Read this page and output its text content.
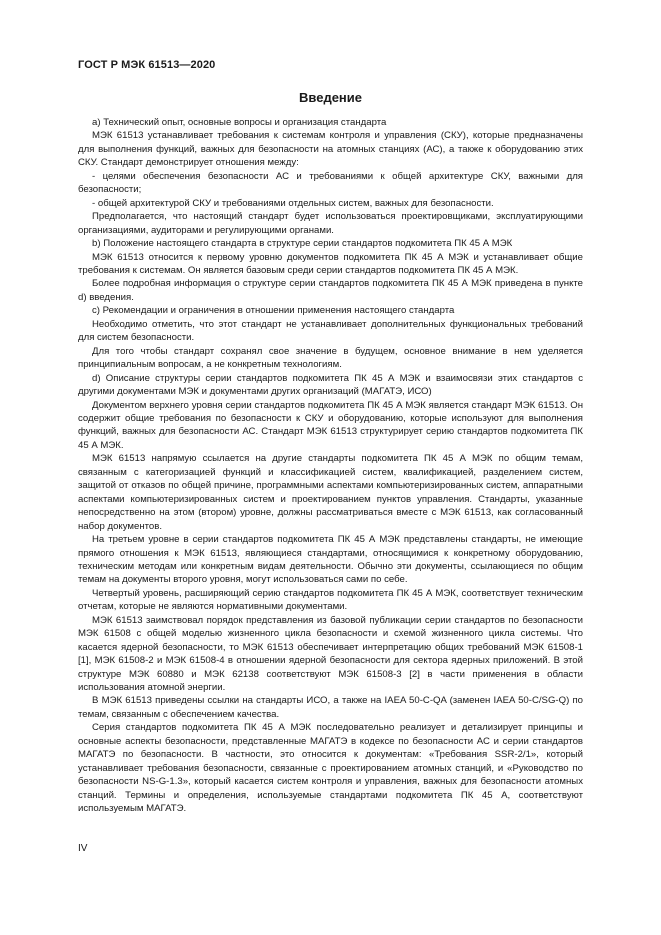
ГОСТ Р МЭК 61513—2020
Введение

а) Технический опыт, основные вопросы и организация стандарта

МЭК 61513 устанавливает требования к системам контроля и управления (СКУ), которые предназначены для выполнения функций, важных для безопасности на атомных станциях (АС), а также к оборудованию этих СКУ. Стандарт демонстрирует отношения между:

- целями обеспечения безопасности АС и требованиями к общей архитектуре СКУ, важными для безопасности;

- общей архитектурой СКУ и требованиями отдельных систем, важных для безопасности.

Предполагается, что настоящий стандарт будет использоваться проектировщиками, эксплуатирующими организациями, аудиторами и регулирующими органами.

b) Положение настоящего стандарта в структуре серии стандартов подкомитета ПК 45 А МЭК

МЭК 61513 относится к первому уровню документов подкомитета ПК 45 А МЭК и устанавливает общие требования к системам. Он является базовым среди серии стандартов подкомитета ПК 45 А МЭК.

Более подробная информация о структуре серии стандартов подкомитета ПК 45 А МЭК приведена в пункте d) введения.

с) Рекомендации и ограничения в отношении применения настоящего стандарта

Необходимо отметить, что этот стандарт не устанавливает дополнительных функциональных требований для систем безопасности.

Для того чтобы стандарт сохранял свое значение в будущем, основное внимание в нем уделяется принципиальным вопросам, а не конкретным технологиям.

d) Описание структуры серии стандартов подкомитета ПК 45 А МЭК и взаимосвязи этих стандартов с другими документами МЭК и документами других организаций (МАГАТЭ, ИСО)

Документом верхнего уровня серии стандартов подкомитета ПК 45 А МЭК является стандарт МЭК 61513. Он содержит общие требования по безопасности к СКУ и оборудованию, которые используют для выполнения функций, важных для безопасности АС. Стандарт МЭК 61513 структурирует серию стандартов подкомитета ПК 45 А МЭК.

МЭК 61513 напрямую ссылается на другие стандарты подкомитета ПК 45 А МЭК по общим темам, связанным с категоризацией функций и классификацией систем, квалификацией, разделением систем, защитой от отказов по общей причине, программными аспектами компьютеризированных систем, аппаратными аспектами компьютеризированных систем и проектированием пунктов управления. Стандарты, указанные непосредственно на этом (втором) уровне, должны рассматриваться вместе с МЭК 61513, как согласованный набор документов.

На третьем уровне в серии стандартов подкомитета ПК 45 А МЭК представлены стандарты, не имеющие прямого отношения к МЭК 61513, являющиеся стандартами, относящимися к конкретному оборудованию, техническим методам или конкретным видам деятельности. Обычно эти документы, ссылающиеся по общим темам на документы второго уровня, могут использоваться сами по себе.

Четвертый уровень, расширяющий серию стандартов подкомитета ПК 45 А МЭК, соответствует техническим отчетам, которые не являются нормативными документами.

МЭК 61513 заимствовал порядок представления из базовой публикации серии стандартов по безопасности МЭК 61508 с общей моделью жизненного цикла безопасности и схемой жизненного цикла системы. Что касается ядерной безопасности, то МЭК 61513 обеспечивает интерпретацию общих требований МЭК 61508-1 [1], МЭК 61508-2 и МЭК 61508-4 в отношении ядерной безопасности для сектора ядерных приложений. В этой структуре МЭК 60880 и МЭК 62138 соответствуют МЭК 61508-3 [2] в части применения в области использования атомной энергии.

В МЭК 61513 приведены ссылки на стандарты ИСО, а также на IAEA 50-C-QA (заменен IAEA 50-C/SG-Q) по темам, связанным с обеспечением качества.

Серия стандартов подкомитета ПК 45 А МЭК последовательно реализует и детализирует принципы и основные аспекты безопасности, представленные МАГАТЭ в кодексе по безопасности АС и серии стандартов МАГАТЭ по безопасности. В частности, это относится к документам: «Требования SSR-2/1», который устанавливает требования безопасности, связанные с проектированием атомных станций, и «Руководство по безопасности NS-G-1.3», который касается систем контроля и управления, важных для безопасности атомных станций. Термины и определения, используемые стандартами подкомитета ПК 45 А, соответствуют используемым МАГАТЭ.

IV
